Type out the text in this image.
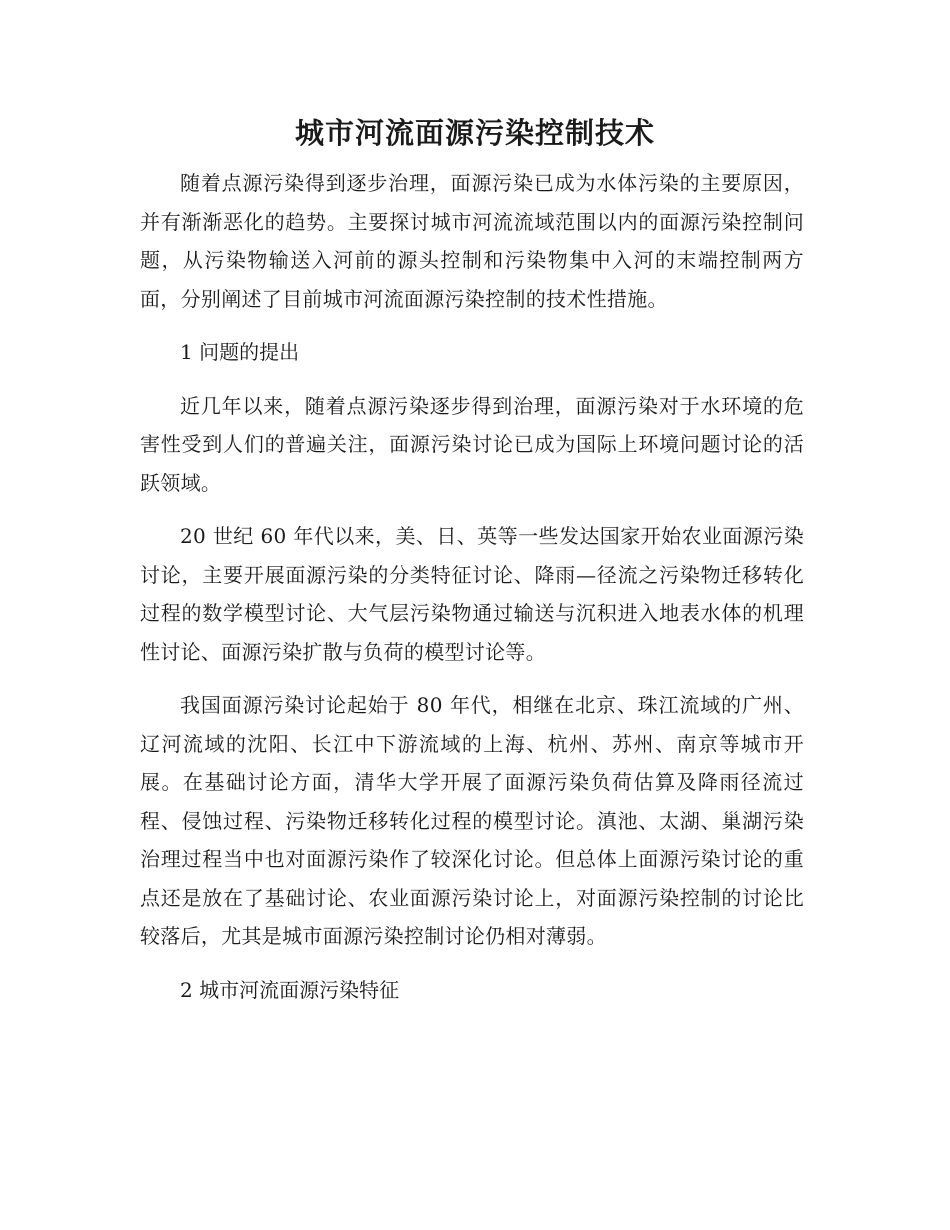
城市河流面源污染控制技术

随着点源污染得到逐步治理，面源污染已成为水体污染的主要原因，并有渐渐恶化的趋势。主要探讨城市河流流域范围以内的面源污染控制问题，从污染物输送入河前的源头控制和污染物集中入河的末端控制两方面，分别阐述了目前城市河流面源污染控制的技术性措施。

1 问题的提出

近几年以来，随着点源污染逐步得到治理，面源污染对于水环境的危害性受到人们的普遍关注，面源污染讨论已成为国际上环境问题讨论的活跃领域。

20 世纪 60 年代以来，美、日、英等一些发达国家开始农业面源污染讨论，主要开展面源污染的分类特征讨论、降雨—径流之污染物迁移转化过程的数学模型讨论、大气层污染物通过输送与沉积进入地表水体的机理性讨论、面源污染扩散与负荷的模型讨论等。

我国面源污染讨论起始于 80 年代，相继在北京、珠江流域的广州、辽河流域的沈阳、长江中下游流域的上海、杭州、苏州、南京等城市开展。在基础讨论方面，清华大学开展了面源污染负荷估算及降雨径流过程、侵蚀过程、污染物迁移转化过程的模型讨论。滇池、太湖、巢湖污染治理过程当中也对面源污染作了较深化讨论。但总体上面源污染讨论的重点还是放在了基础讨论、农业面源污染讨论上，对面源污染控制的讨论比较落后，尤其是城市面源污染控制讨论仍相对薄弱。

2 城市河流面源污染特征
